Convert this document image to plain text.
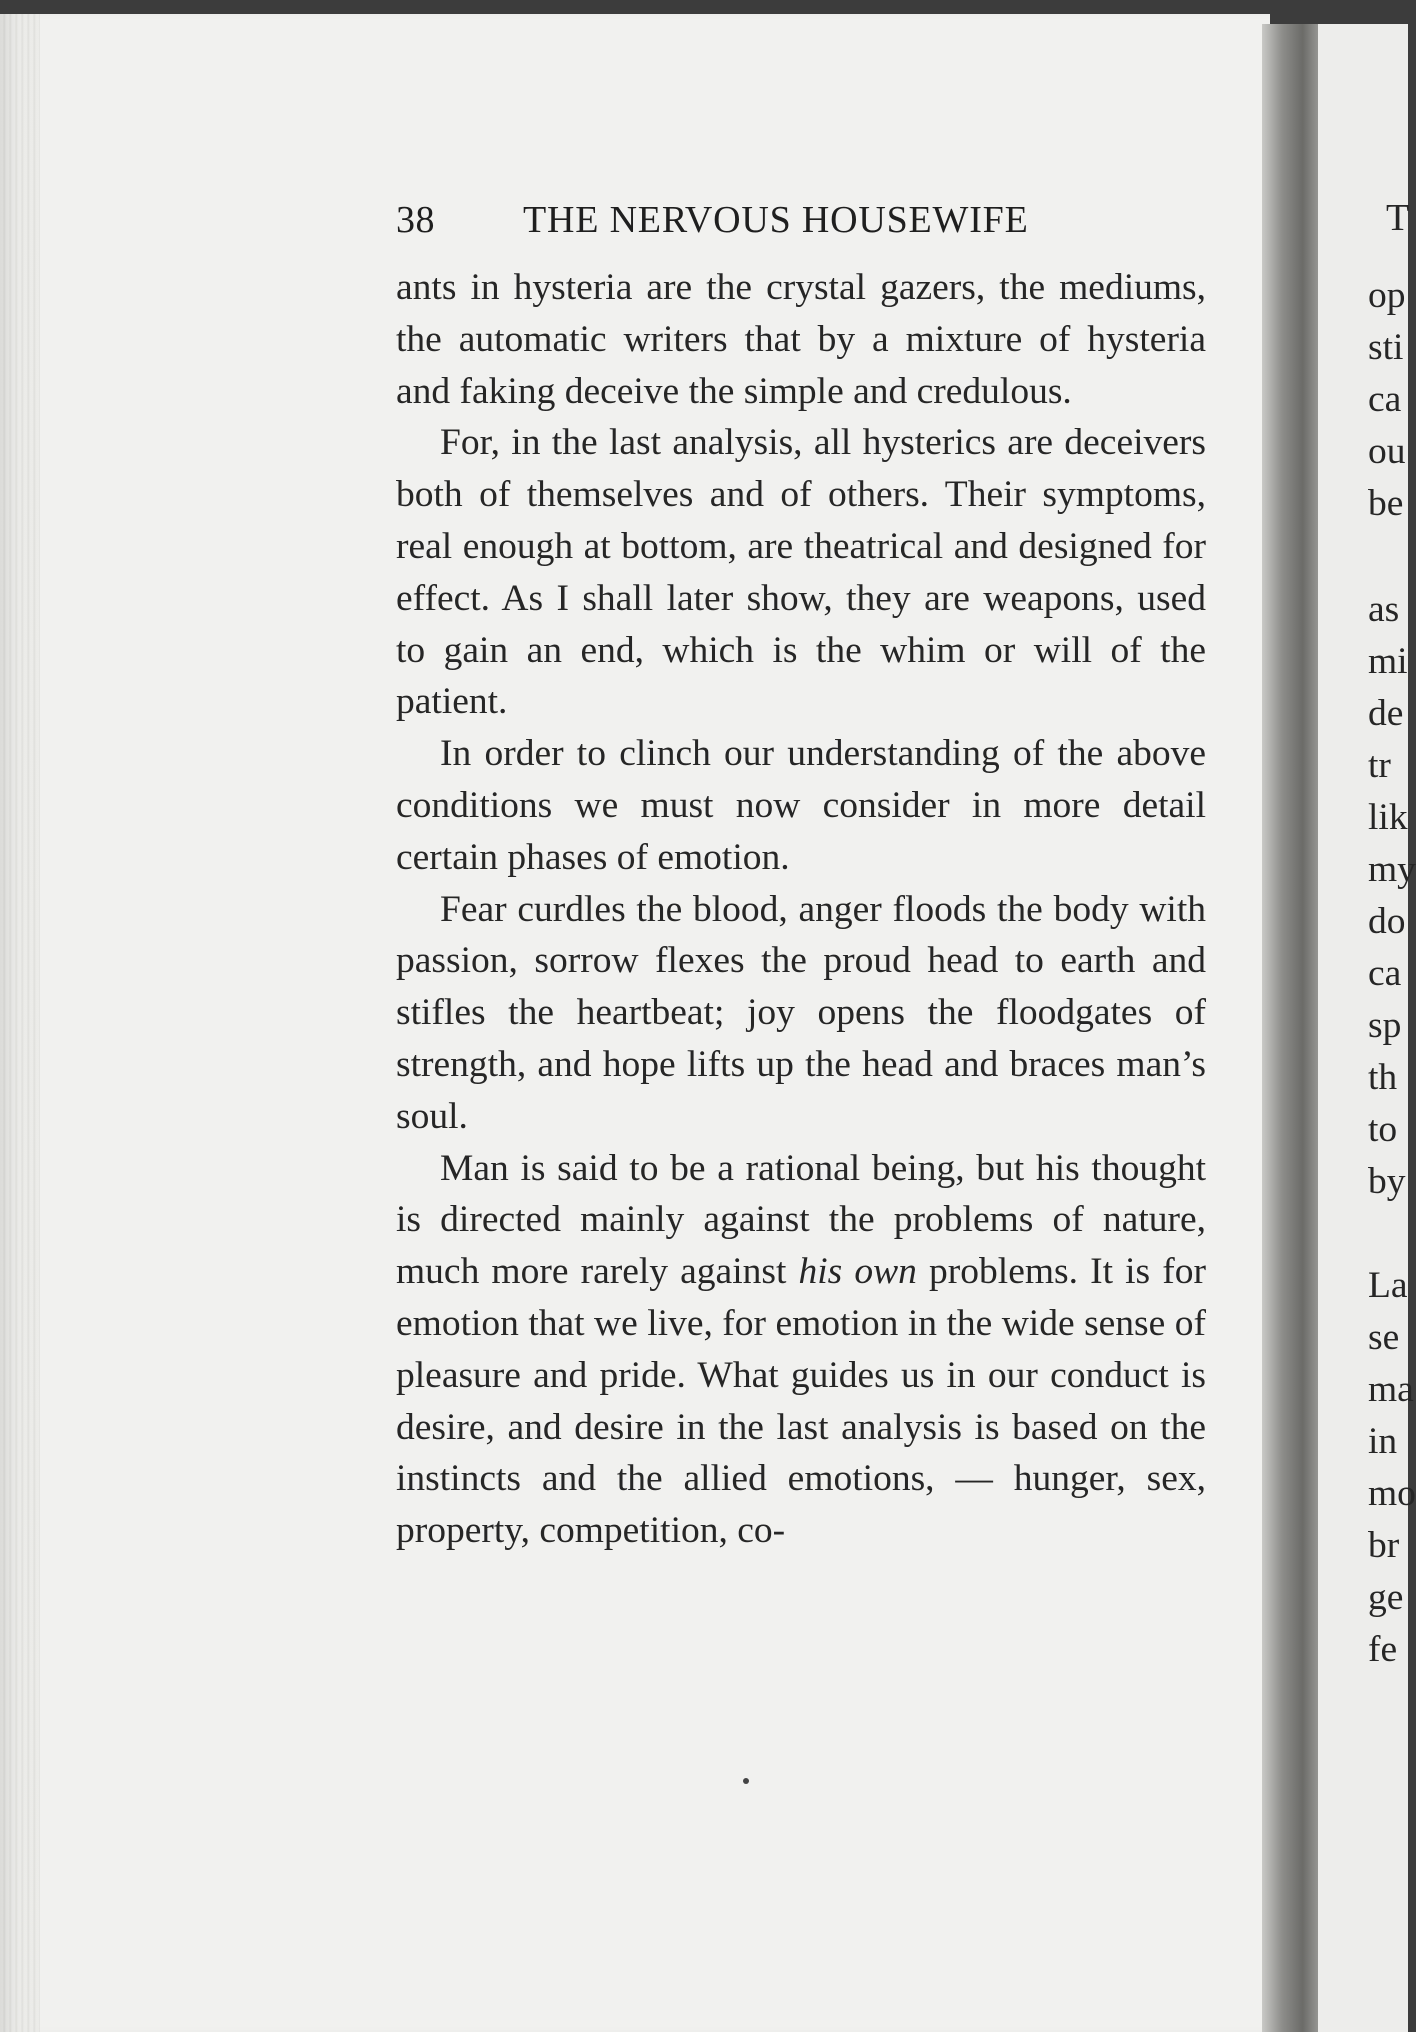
38 THE NERVOUS HOUSEWIFE

ants in hysteria are the crystal gazers, the mediums, the automatic writers that by a mixture of hysteria and faking deceive the simple and credulous.

For, in the last analysis, all hysterics are deceivers both of themselves and of others. Their symptoms, real enough at bottom, are theatrical and designed for effect. As I shall later show, they are weapons, used to gain an end, which is the whim or will of the patient.

In order to clinch our understanding of the above conditions we must now consider in more detail certain phases of emotion.

Fear curdles the blood, anger floods the body with passion, sorrow flexes the proud head to earth and stifles the heartbeat; joy opens the floodgates of strength, and hope lifts up the head and braces man’s soul.

Man is said to be a rational being, but his thought is directed mainly against the problems of nature, much more rarely against his own problems. It is for emotion that we live, for emotion in the wide sense of pleasure and pride. What guides us in our conduct is desire, and desire in the last analysis is based on the instincts and the allied emotions, — hunger, sex, property, competition, co-

T
op
sti
ca
ou
be
as
mi
de
tr
lik
my
do
ca
sp
th
to
by
La
se
ma
in
mo
br
ge
fe
